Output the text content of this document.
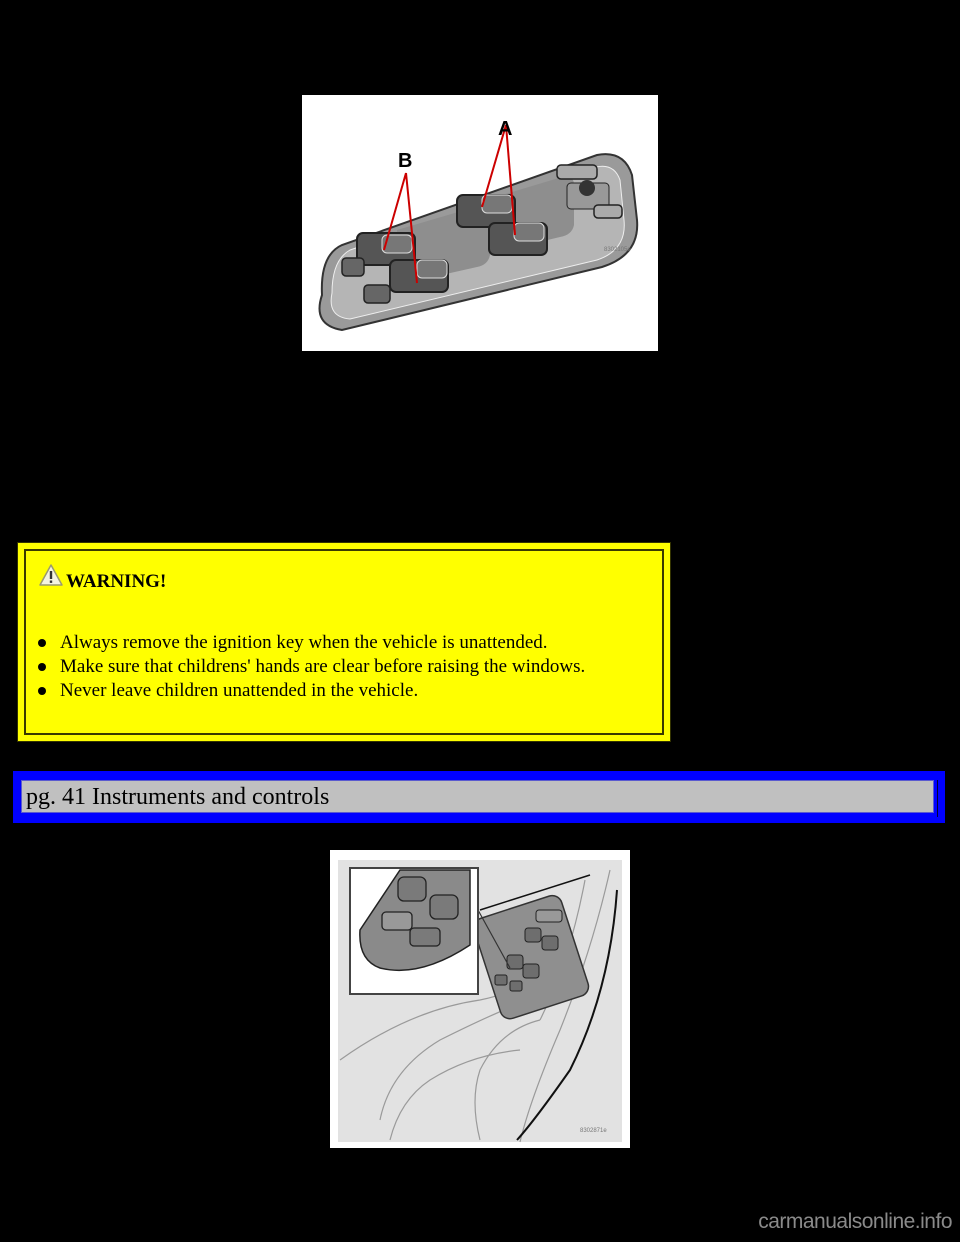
A
B
8302105e
WARNING!
Always remove the ignition key when the vehicle is unattended.
Make sure that childrens' hands are clear before raising the windows.
Never leave children unattended in the vehicle.
pg. 41 Instruments and controls
8302871e
carmanualsonline.info
